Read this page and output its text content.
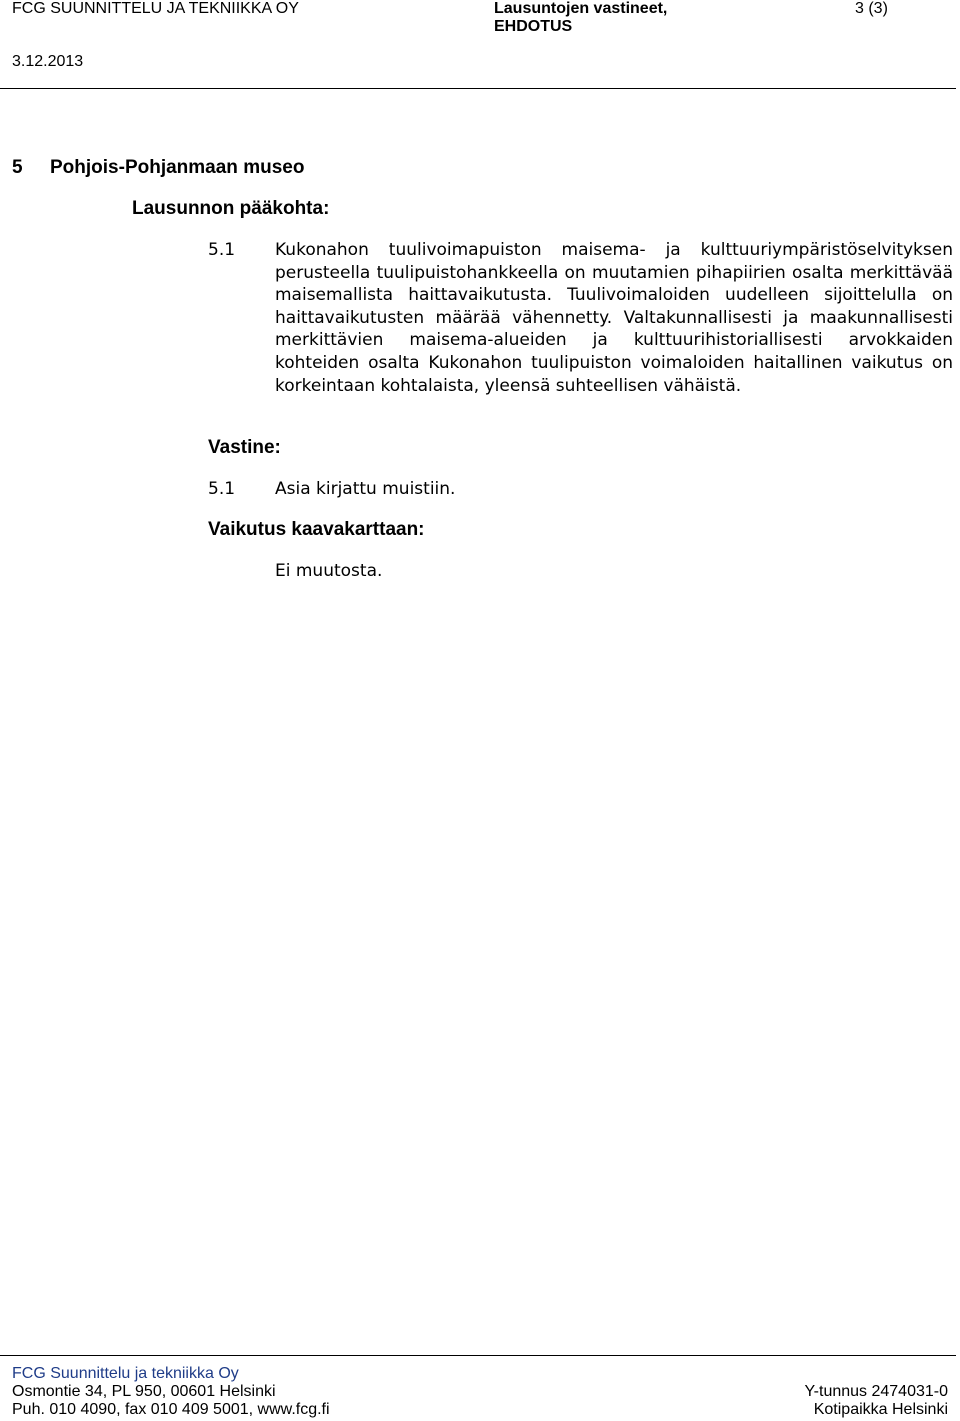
FCG SUUNNITTELU JA TEKNIIKKA OY	Lausuntojen vastineet,
EHDOTUS
3 (3)
3.12.2013
5 Pohjois-Pohjanmaan museo
Lausunnon pääkohta:
5.1 Kukonahon tuulivoimapuiston maisema- ja kulttuuriympäristöselvityksen perusteella tuulipuistohankkeella on muutamien pihapiirien osalta merkittävää maisemallista haittavaikutusta. Tuulivoimaloiden uudelleen sijoittelulla on haittavaikutusten määrää vähennetty. Valtakunnallisesti ja maakunnallisesti merkittävien maisema-alueiden ja kulttuurihistoriallisesti arvokkaiden kohteiden osalta Kukonahon tuulipuiston voimaloiden haitallinen vaikutus on korkeintaan kohtalaista, yleensä suhteellisen vähäistä.

Vastine:
5.1 Asia kirjattu muistiin.
Vaikutus kaavakarttaan:
Ei muutosta.
FCG Suunnittelu ja tekniikka Oy
Osmontie 34, PL 950, 00601 Helsinki
Puh. 010 4090, fax 010 409 5001, www.fcg.fi
Y-tunnus 2474031-0
Kotipaikka Helsinki
